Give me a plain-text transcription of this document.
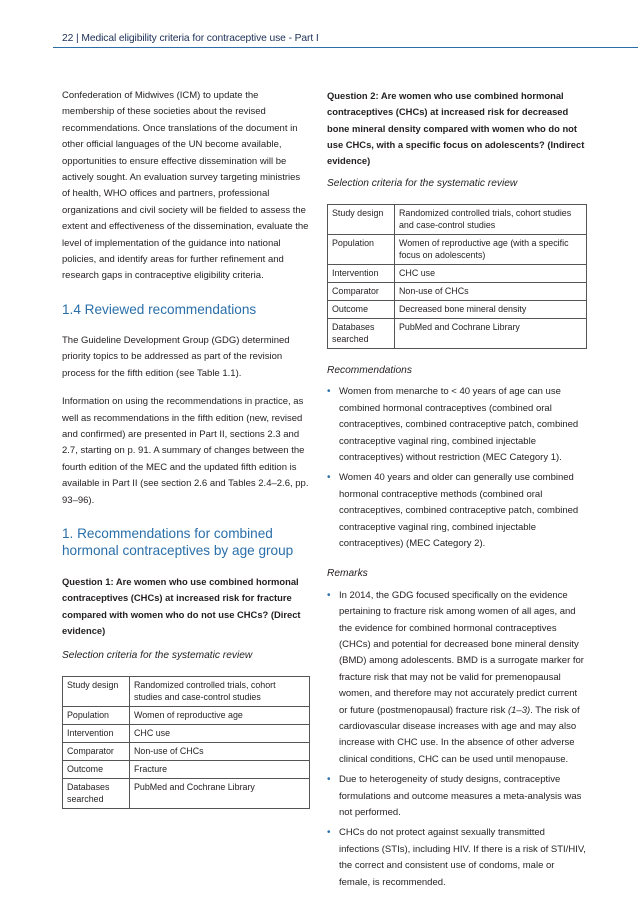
22 | Medical eligibility criteria for contraceptive use - Part I

Confederation of Midwives (ICM) to update the membership of these societies about the revised recommendations. Once translations of the document in other official languages of the UN become available, opportunities to ensure effective dissemination will be actively sought. An evaluation survey targeting ministries of health, WHO offices and partners, professional organizations and civil society will be fielded to assess the extent and effectiveness of the dissemination, evaluate the level of implementation of the guidance into national policies, and identify areas for further refinement and research gaps in contraceptive eligibility criteria.

1.4 Reviewed recommendations

The Guideline Development Group (GDG) determined priority topics to be addressed as part of the revision process for the fifth edition (see Table 1.1).

Information on using the recommendations in practice, as well as recommendations in the fifth edition (new, revised and confirmed) are presented in Part II, sections 2.3 and 2.7, starting on p. 91. A summary of changes between the fourth edition of the MEC and the updated fifth edition is available in Part II (see section 2.6 and Tables 2.4–2.6, pp. 93–96).

1. Recommendations for combined hormonal contraceptives by age group

Question 1: Are women who use combined hormonal contraceptives (CHCs) at increased risk for fracture compared with women who do not use CHCs? (Direct evidence)

Selection criteria for the systematic review

Study design	Randomized controlled trials, cohort studies and case-control studies
Population	Women of reproductive age
Intervention	CHC use
Comparator	Non-use of CHCs
Outcome	Fracture
Databases searched	PubMed and Cochrane Library

Question 2: Are women who use combined hormonal contraceptives (CHCs) at increased risk for decreased bone mineral density compared with women who do not use CHCs, with a specific focus on adolescents? (Indirect evidence)

Selection criteria for the systematic review

Study design	Randomized controlled trials, cohort studies and case-control studies
Population	Women of reproductive age (with a specific focus on adolescents)
Intervention	CHC use
Comparator	Non-use of CHCs
Outcome	Decreased bone mineral density
Databases searched	PubMed and Cochrane Library

Recommendations

• Women from menarche to < 40 years of age can use combined hormonal contraceptives (combined oral contraceptives, combined contraceptive patch, combined contraceptive vaginal ring, combined injectable contraceptives) without restriction (MEC Category 1).
• Women 40 years and older can generally use combined hormonal contraceptive methods (combined oral contraceptives, combined contraceptive patch, combined contraceptive vaginal ring, combined injectable contraceptives) (MEC Category 2).

Remarks

• In 2014, the GDG focused specifically on the evidence pertaining to fracture risk among women of all ages, and the evidence for combined hormonal contraceptives (CHCs) and potential for decreased bone mineral density (BMD) among adolescents. BMD is a surrogate marker for fracture risk that may not be valid for premenopausal women, and therefore may not accurately predict current or future (postmenopausal) fracture risk (1–3). The risk of cardiovascular disease increases with age and may also increase with CHC use. In the absence of other adverse clinical conditions, CHC can be used until menopause.
• Due to heterogeneity of study designs, contraceptive formulations and outcome measures a meta-analysis was not performed.
• CHCs do not protect against sexually transmitted infections (STIs), including HIV. If there is a risk of STI/HIV, the correct and consistent use of condoms, male or female, is recommended.
